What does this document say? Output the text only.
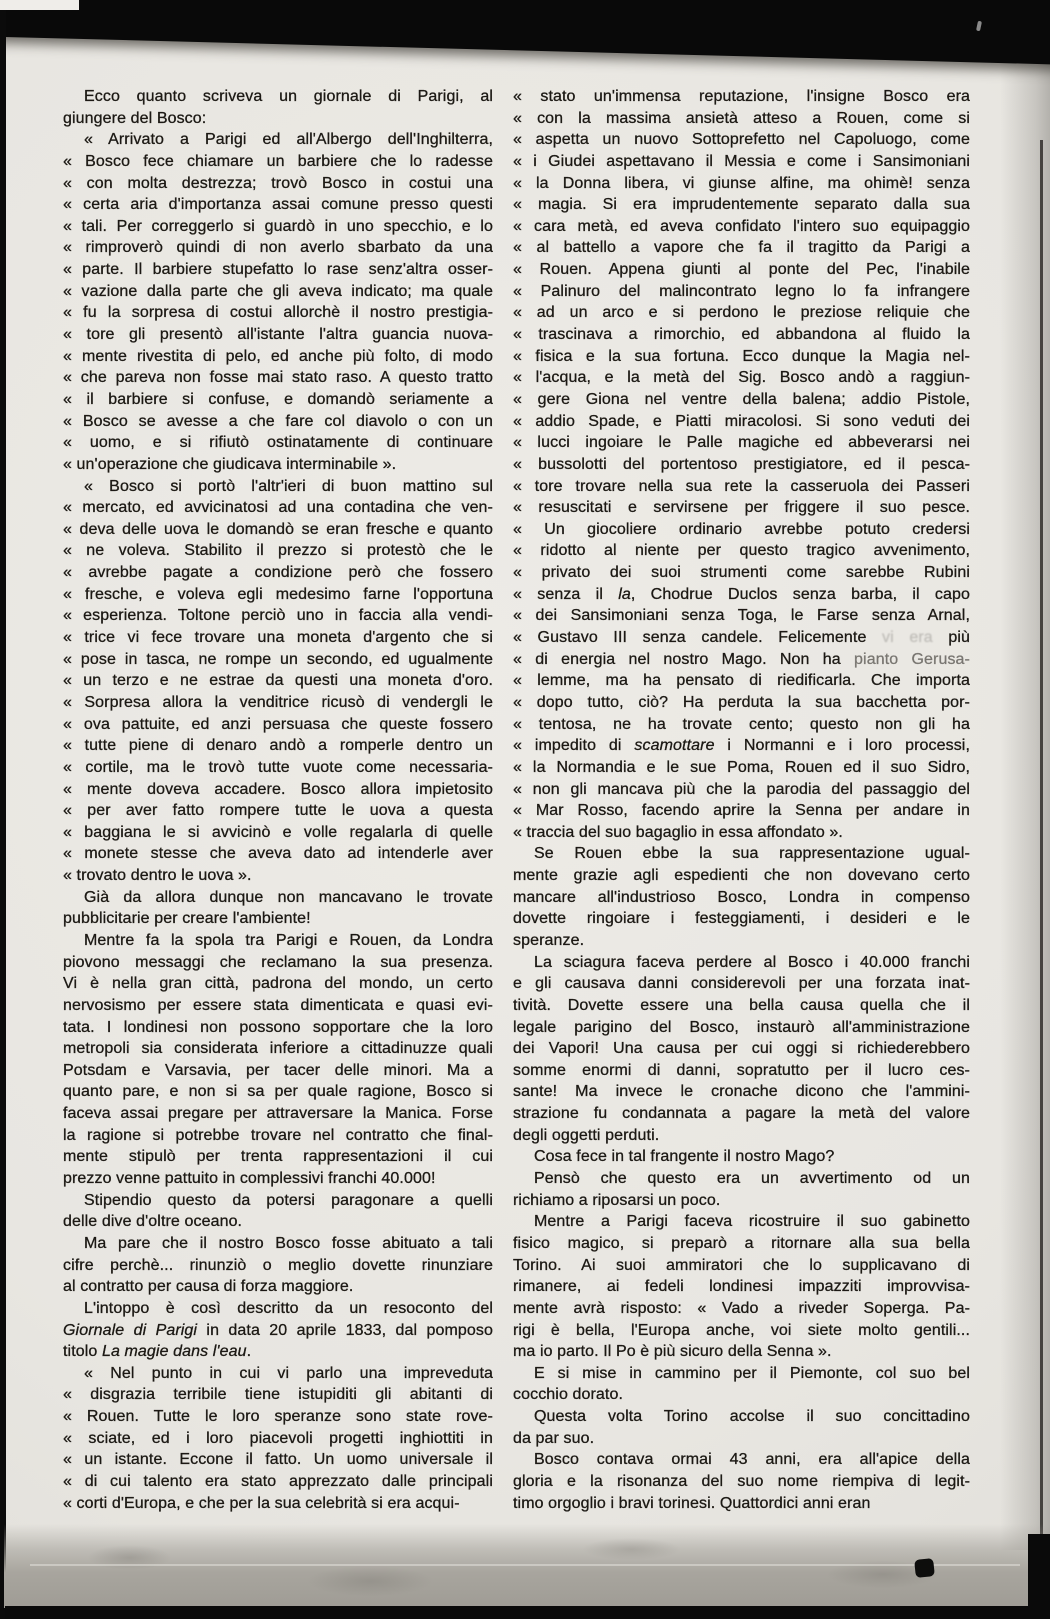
Ecco quanto scriveva un giornale di Parigi, al
giungere del Bosco:
« Arrivato a Parigi ed all'Albergo dell'Inghilterra,
« Bosco fece chiamare un barbiere che lo radesse
« con molta destrezza; trovò Bosco in costui una
« certa aria d'importanza assai comune presso questi
« tali. Per correggerlo si guardò in uno specchio, e lo
« rimproverò quindi di non averlo sbarbato da una
« parte. Il barbiere stupefatto lo rase senz'altra osser-
« vazione dalla parte che gli aveva indicato; ma quale
« fu la sorpresa di costui allorchè il nostro prestigia-
« tore gli presentò all'istante l'altra guancia nuova-
« mente rivestita di pelo, ed anche più folto, di modo
« che pareva non fosse mai stato raso. A questo tratto
« il barbiere si confuse, e domandò seriamente a
« Bosco se avesse a che fare col diavolo o con un
« uomo, e si rifiutò ostinatamente di continuare
« un'operazione che giudicava interminabile ».
« Bosco si portò l'altr'ieri di buon mattino sul
« mercato, ed avvicinatosi ad una contadina che ven-
« deva delle uova le domandò se eran fresche e quanto
« ne voleva. Stabilito il prezzo si protestò che le
« avrebbe pagate a condizione però che fossero
« fresche, e voleva egli medesimo farne l'opportuna
« esperienza. Toltone perciò uno in faccia alla vendi-
« trice vi fece trovare una moneta d'argento che si
« pose in tasca, ne rompe un secondo, ed ugualmente
« un terzo e ne estrae da questi una moneta d'oro.
« Sorpresa allora la venditrice ricusò di vendergli le
« ova pattuite, ed anzi persuasa che queste fossero
« tutte piene di denaro andò a romperle dentro un
« cortile, ma le trovò tutte vuote come necessaria-
« mente doveva accadere. Bosco allora impietosito
« per aver fatto rompere tutte le uova a questa
« baggiana le si avvicinò e volle regalarla di quelle
« monete stesse che aveva dato ad intenderle aver
« trovato dentro le uova ».
Già da allora dunque non mancavano le trovate
pubblicitarie per creare l'ambiente!
Mentre fa la spola tra Parigi e Rouen, da Londra
piovono messaggi che reclamano la sua presenza.
Vi è nella gran città, padrona del mondo, un certo
nervosismo per essere stata dimenticata e quasi evi-
tata. I londinesi non possono sopportare che la loro
metropoli sia considerata inferiore a cittadinuzze quali
Potsdam e Varsavia, per tacer delle minori. Ma a
quanto pare, e non si sa per quale ragione, Bosco si
faceva assai pregare per attraversare la Manica. Forse
la ragione si potrebbe trovare nel contratto che final-
mente stipulò per trenta rappresentazioni il cui
prezzo venne pattuito in complessivi franchi 40.000!
Stipendio questo da potersi paragonare a quelli
delle dive d'oltre oceano.
Ma pare che il nostro Bosco fosse abituato a tali
cifre perchè... rinunziò o meglio dovette rinunziare
al contratto per causa di forza maggiore.
L'intoppo è così descritto da un resoconto del
Giornale di Parigi in data 20 aprile 1833, dal pomposo
titolo La magie dans l'eau.
« Nel punto in cui vi parlo una impreveduta
« disgrazia terribile tiene istupiditi gli abitanti di
« Rouen. Tutte le loro speranze sono state rove-
« sciate, ed i loro piacevoli progetti inghiottiti in
« un istante. Eccone il fatto. Un uomo universale il
« di cui talento era stato apprezzato dalle principali
« corti d'Europa, e che per la sua celebrità si era acqui-
« stato un'immensa reputazione, l'insigne Bosco era
« con la massima ansietà atteso a Rouen, come si
« aspetta un nuovo Sottoprefetto nel Capoluogo, come
« i Giudei aspettavano il Messia e come i Sansimoniani
« la Donna libera, vi giunse alfine, ma ohimè! senza
« magia. Si era imprudentemente separato dalla sua
« cara metà, ed aveva confidato l'intero suo equipaggio
« al battello a vapore che fa il tragitto da Parigi a
« Rouen. Appena giunti al ponte del Pec, l'inabile
« Palinuro del malincontrato legno lo fa infrangere
« ad un arco e si perdono le preziose reliquie che
« trascinava a rimorchio, ed abbandona al fluido la
« fisica e la sua fortuna. Ecco dunque la Magia nel-
« l'acqua, e la metà del Sig. Bosco andò a raggiun-
« gere Giona nel ventre della balena; addio Pistole,
« addio Spade, e Piatti miracolosi. Si sono veduti dei
« lucci ingoiare le Palle magiche ed abbeverarsi nei
« bussolotti del portentoso prestigiatore, ed il pesca-
« tore trovare nella sua rete la casseruola dei Passeri
« resuscitati e servirsene per friggere il suo pesce.
« Un giocoliere ordinario avrebbe potuto credersi
« ridotto al niente per questo tragico avvenimento,
« privato dei suoi strumenti come sarebbe Rubini
« senza il la, Chodrue Duclos senza barba, il capo
« dei Sansimoniani senza Toga, le Farse senza Arnal,
« Gustavo III senza candele. Felicemente vi era più
« di energia nel nostro Mago. Non ha pianto Gerusa-
« lemme, ma ha pensato di riedificarla. Che importa
« dopo tutto, ciò? Ha perduta la sua bacchetta por-
« tentosa, ne ha trovate cento; questo non gli ha
« impedito di scamottare i Normanni e i loro processi,
« la Normandia e le sue Poma, Rouen ed il suo Sidro,
« non gli mancava più che la parodia del passaggio del
« Mar Rosso, facendo aprire la Senna per andare in
« traccia del suo bagaglio in essa affondato ».
Se Rouen ebbe la sua rappresentazione ugual-
mente grazie agli espedienti che non dovevano certo
mancare all'industrioso Bosco, Londra in compenso
dovette ringoiare i festeggiamenti, i desideri e le
speranze.
La sciagura faceva perdere al Bosco i 40.000 franchi
e gli causava danni considerevoli per una forzata inat-
tività. Dovette essere una bella causa quella che il
legale parigino del Bosco, instaurò all'amministrazione
dei Vapori! Una causa per cui oggi si richiederebbero
somme enormi di danni, sopratutto per il lucro ces-
sante! Ma invece le cronache dicono che l'ammini-
strazione fu condannata a pagare la metà del valore
degli oggetti perduti.
Cosa fece in tal frangente il nostro Mago?
Pensò che questo era un avvertimento od un
richiamo a riposarsi un poco.
Mentre a Parigi faceva ricostruire il suo gabinetto
fisico magico, si preparò a ritornare alla sua bella
Torino. Ai suoi ammiratori che lo supplicavano di
rimanere, ai fedeli londinesi impazziti improvvisa-
mente avrà risposto: « Vado a riveder Soperga. Pa-
rigi è bella, l'Europa anche, voi siete molto gentili...
ma io parto. Il Po è più sicuro della Senna ».
E si mise in cammino per il Piemonte, col suo bel
cocchio dorato.
Questa volta Torino accolse il suo concittadino
da par suo.
Bosco contava ormai 43 anni, era all'apice della
gloria e la risonanza del suo nome riempiva di legit-
timo orgoglio i bravi torinesi. Quattordici anni eran
